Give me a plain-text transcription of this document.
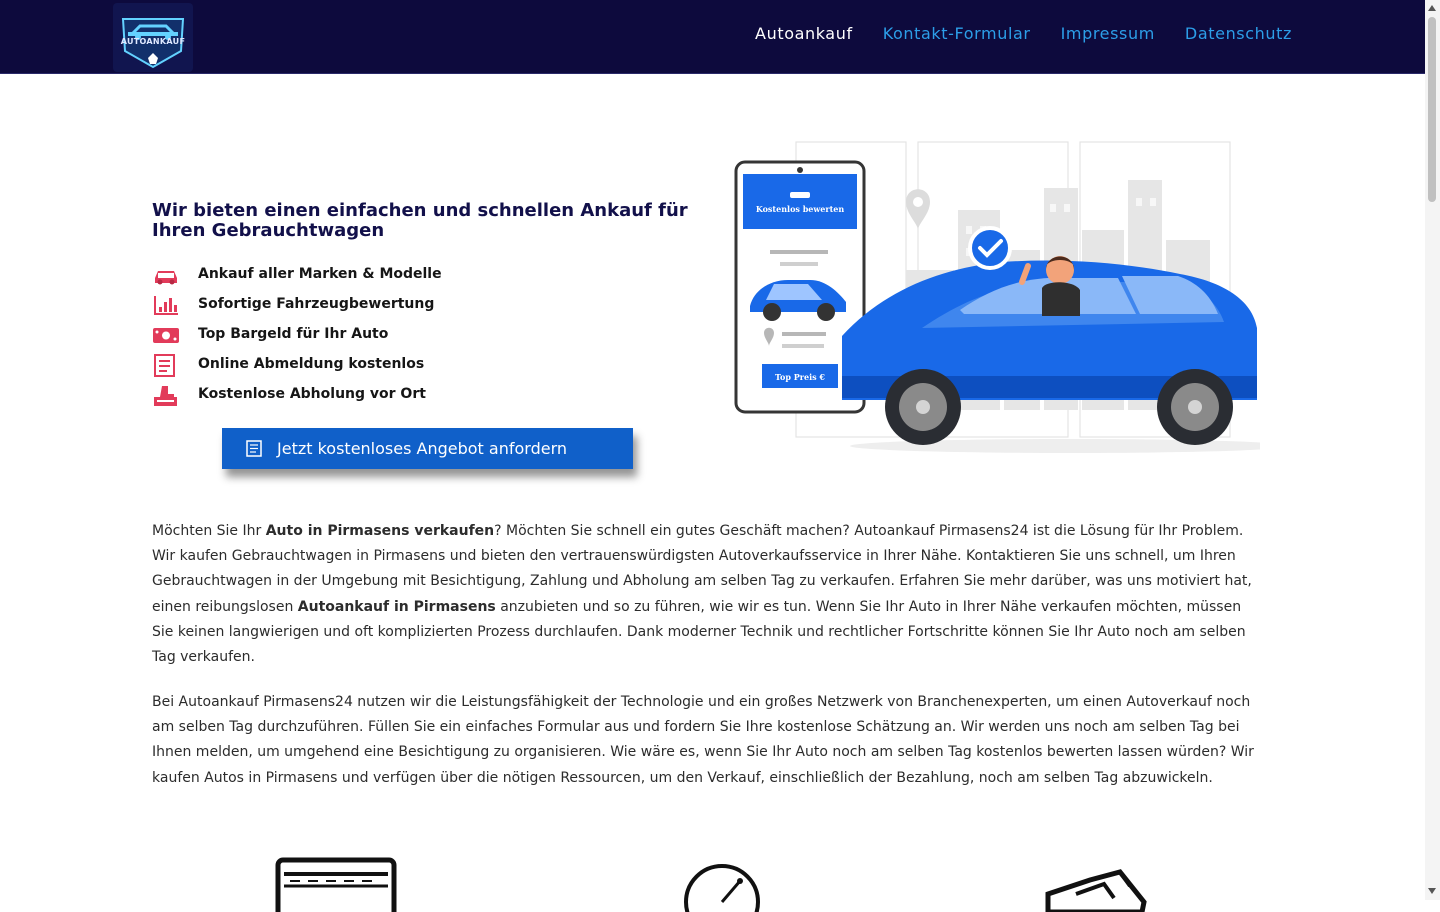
AUTOANKAUF	Autoankauf Kontakt-Formular Impressum Datenschutz
Wir bieten einen einfachen und schnellen Ankauf für Ihren Gebrauchtwagen
Ankauf aller Marken & Modelle
Sofortige Fahrzeugbewertung
Top Bargeld für Ihr Auto
Online Abmeldung kostenlos
Kostenlose Abholung vor Ort
Jetzt kostenloses Angebot anfordern
Kostenlos bewerten
Top Preis €

Möchten Sie Ihr Auto in Pirmasens verkaufen? Möchten Sie schnell ein gutes Geschäft machen? Autoankauf Pirmasens24 ist die Lösung für Ihr Problem. Wir kaufen Gebrauchtwagen in Pirmasens und bieten den vertrauenswürdigsten Autoverkaufsservice in Ihrer Nähe. Kontaktieren Sie uns schnell, um Ihren Gebrauchtwagen in der Umgebung mit Besichtigung, Zahlung und Abholung am selben Tag zu verkaufen. Erfahren Sie mehr darüber, was uns motiviert hat, einen reibungslosen Autoankauf in Pirmasens anzubieten und so zu führen, wie wir es tun. Wenn Sie Ihr Auto in Ihrer Nähe verkaufen möchten, müssen Sie keinen langwierigen und oft komplizierten Prozess durchlaufen. Dank moderner Technik und rechtlicher Fortschritte können Sie Ihr Auto noch am selben Tag verkaufen.

Bei Autoankauf Pirmasens24 nutzen wir die Leistungsfähigkeit der Technologie und ein großes Netzwerk von Branchenexperten, um einen Autoverkauf noch am selben Tag durchzuführen. Füllen Sie ein einfaches Formular aus und fordern Sie Ihre kostenlose Schätzung an. Wir werden uns noch am selben Tag bei Ihnen melden, um umgehend eine Besichtigung zu organisieren. Wie wäre es, wenn Sie Ihr Auto noch am selben Tag kostenlos bewerten lassen würden? Wir kaufen Autos in Pirmasens und verfügen über die nötigen Ressourcen, um den Verkauf, einschließlich der Bezahlung, noch am selben Tag abzuwickeln.
